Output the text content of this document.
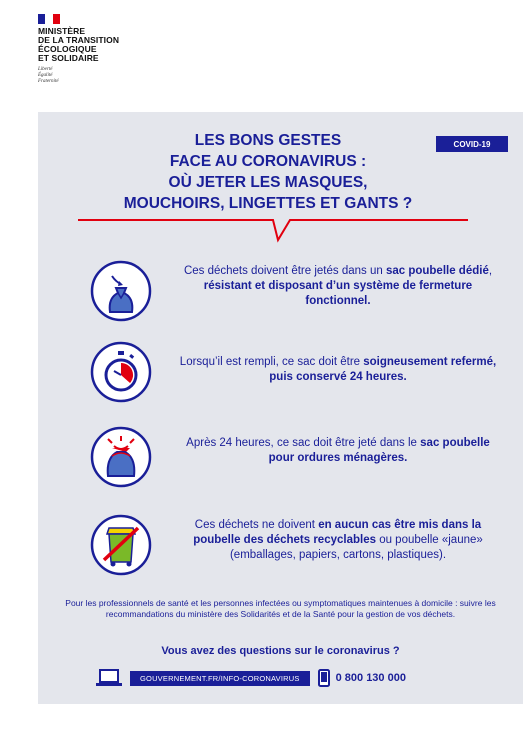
MINISTÈRE
DE LA TRANSITION
ÉCOLOGIQUE
ET SOLIDAIRE
Liberté
Égalité
Fraternité
COVID-19
LES BONS GESTES
FACE AU CORONAVIRUS :
OÙ JETER LES MASQUES,
MOUCHOIRS, LINGETTES ET GANTS ?
Ces déchets doivent être jetés dans un sac poubelle dédié, résistant et disposant d’un système de fermeture fonctionnel.
Lorsqu’il est rempli, ce sac doit être soigneusement refermé, puis conservé 24 heures.
Après 24 heures, ce sac doit être jeté dans le sac poubelle pour ordures ménagères.
Ces déchets ne doivent en aucun cas être mis dans la poubelle des déchets recyclables ou poubelle «jaune» (emballages, papiers, cartons, plastiques).
Pour les professionnels de santé et les personnes infectées ou symptomatiques maintenues à domicile : suivre les recommandations du ministère des Solidarités et de la Santé pour la gestion de vos déchets.
Vous avez des questions sur le coronavirus ?
GOUVERNEMENT.FR/INFO-CORONAVIRUS	0 800 130 000
